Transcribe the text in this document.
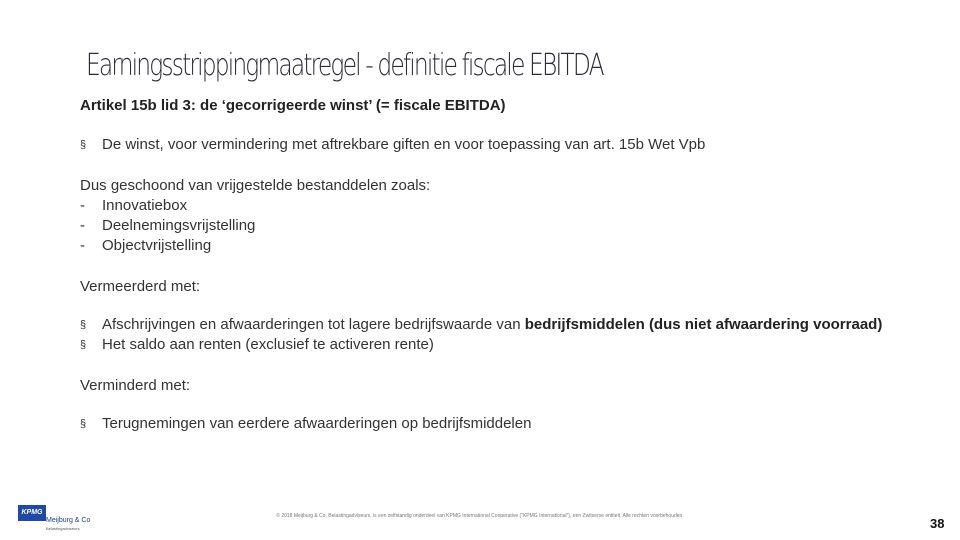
Earningsstrippingmaatregel - definitie fiscale EBITDA

Artikel 15b lid 3: de ‘gecorrigeerde winst’ (= fiscale EBITDA)

§ De winst, voor vermindering met aftrekbare giften en voor toepassing van art. 15b Wet Vpb

Dus geschoond van vrijgestelde bestanddelen zoals:

- Innovatiebox
- Deelnemingsvrijstelling
- Objectvrijstelling

Vermeerderd met:

§ Afschrijvingen en afwaarderingen tot lagere bedrijfswaarde van bedrijfsmiddelen (dus niet afwaardering voorraad)
§ Het saldo aan renten (exclusief te activeren rente)

Verminderd met:

§ Terugnemingen van eerdere afwaarderingen op bedrijfsmiddelen
KPMG
Meijburg & Co
Belastingadviseurs
© 2018 Meijburg & Co, Belastingadviseurs, is een zelfstandig onderdeel van KPMG International Cooperative ("KPMG International"), een Zwitserse entiteit. Alle rechten voorbehouden.	38
